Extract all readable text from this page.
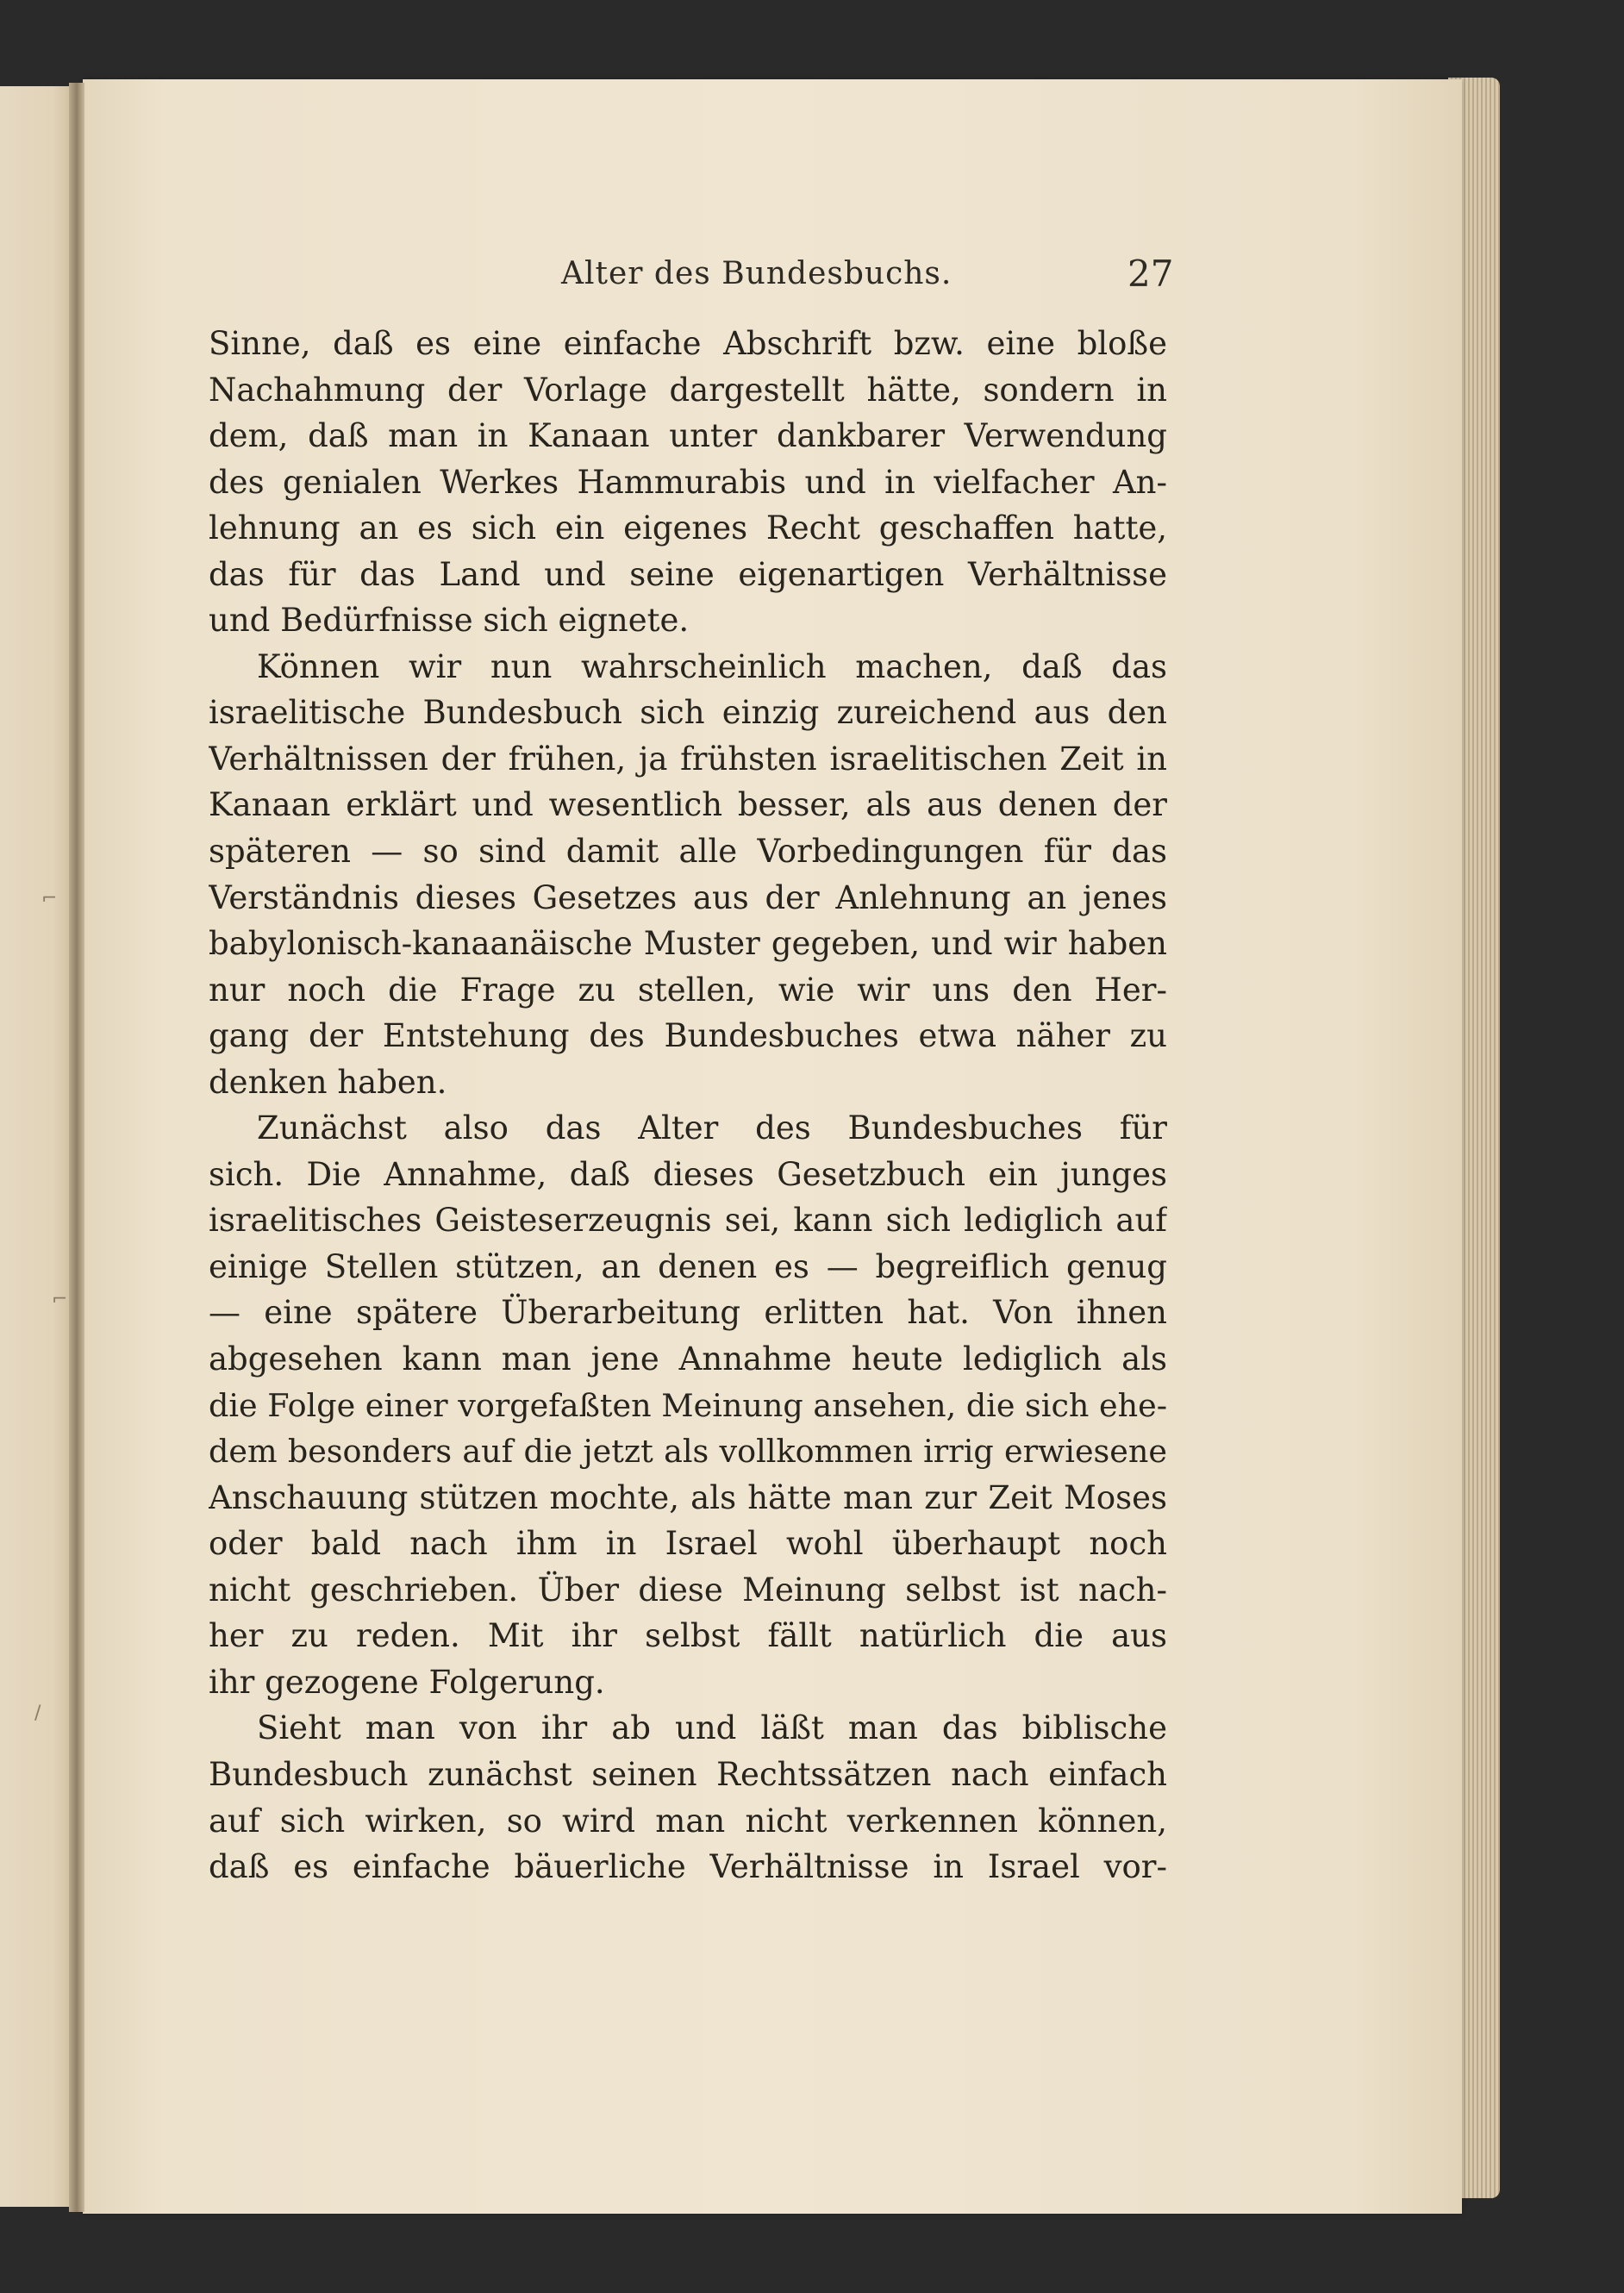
Alter des Bundesbuchs.	27
⌐
⌐
/
Sinne, daß es eine einfache Abschrift bzw. eine bloße
Nachahmung der Vorlage dargestellt hätte, sondern in
dem, daß man in Kanaan unter dankbarer Verwendung
des genialen Werkes Hammurabis und in vielfacher An-
lehnung an es sich ein eigenes Recht geschaffen hatte,
das für das Land und seine eigenartigen Verhältnisse
und Bedürfnisse sich eignete.
Können wir nun wahrscheinlich machen, daß das
israelitische Bundesbuch sich einzig zureichend aus den
Verhältnissen der frühen, ja frühsten israelitischen Zeit in
Kanaan erklärt und wesentlich besser, als aus denen der
späteren — so sind damit alle Vorbedingungen für das
Verständnis dieses Gesetzes aus der Anlehnung an jenes
babylonisch-kanaanäische Muster gegeben, und wir haben
nur noch die Frage zu stellen, wie wir uns den Her-
gang der Entstehung des Bundesbuches etwa näher zu
denken haben.
Zunächst also das Alter des Bundesbuches für
sich. Die Annahme, daß dieses Gesetzbuch ein junges
israelitisches Geisteserzeugnis sei, kann sich lediglich auf
einige Stellen stützen, an denen es — begreiflich genug
— eine spätere Überarbeitung erlitten hat. Von ihnen
abgesehen kann man jene Annahme heute lediglich als
die Folge einer vorgefaßten Meinung ansehen, die sich ehe-
dem besonders auf die jetzt als vollkommen irrig erwiesene
Anschauung stützen mochte, als hätte man zur Zeit Moses
oder bald nach ihm in Israel wohl überhaupt noch
nicht geschrieben. Über diese Meinung selbst ist nach-
her zu reden. Mit ihr selbst fällt natürlich die aus
ihr gezogene Folgerung.
Sieht man von ihr ab und läßt man das biblische
Bundesbuch zunächst seinen Rechtssätzen nach einfach
auf sich wirken, so wird man nicht verkennen können,
daß es einfache bäuerliche Verhältnisse in Israel vor-
